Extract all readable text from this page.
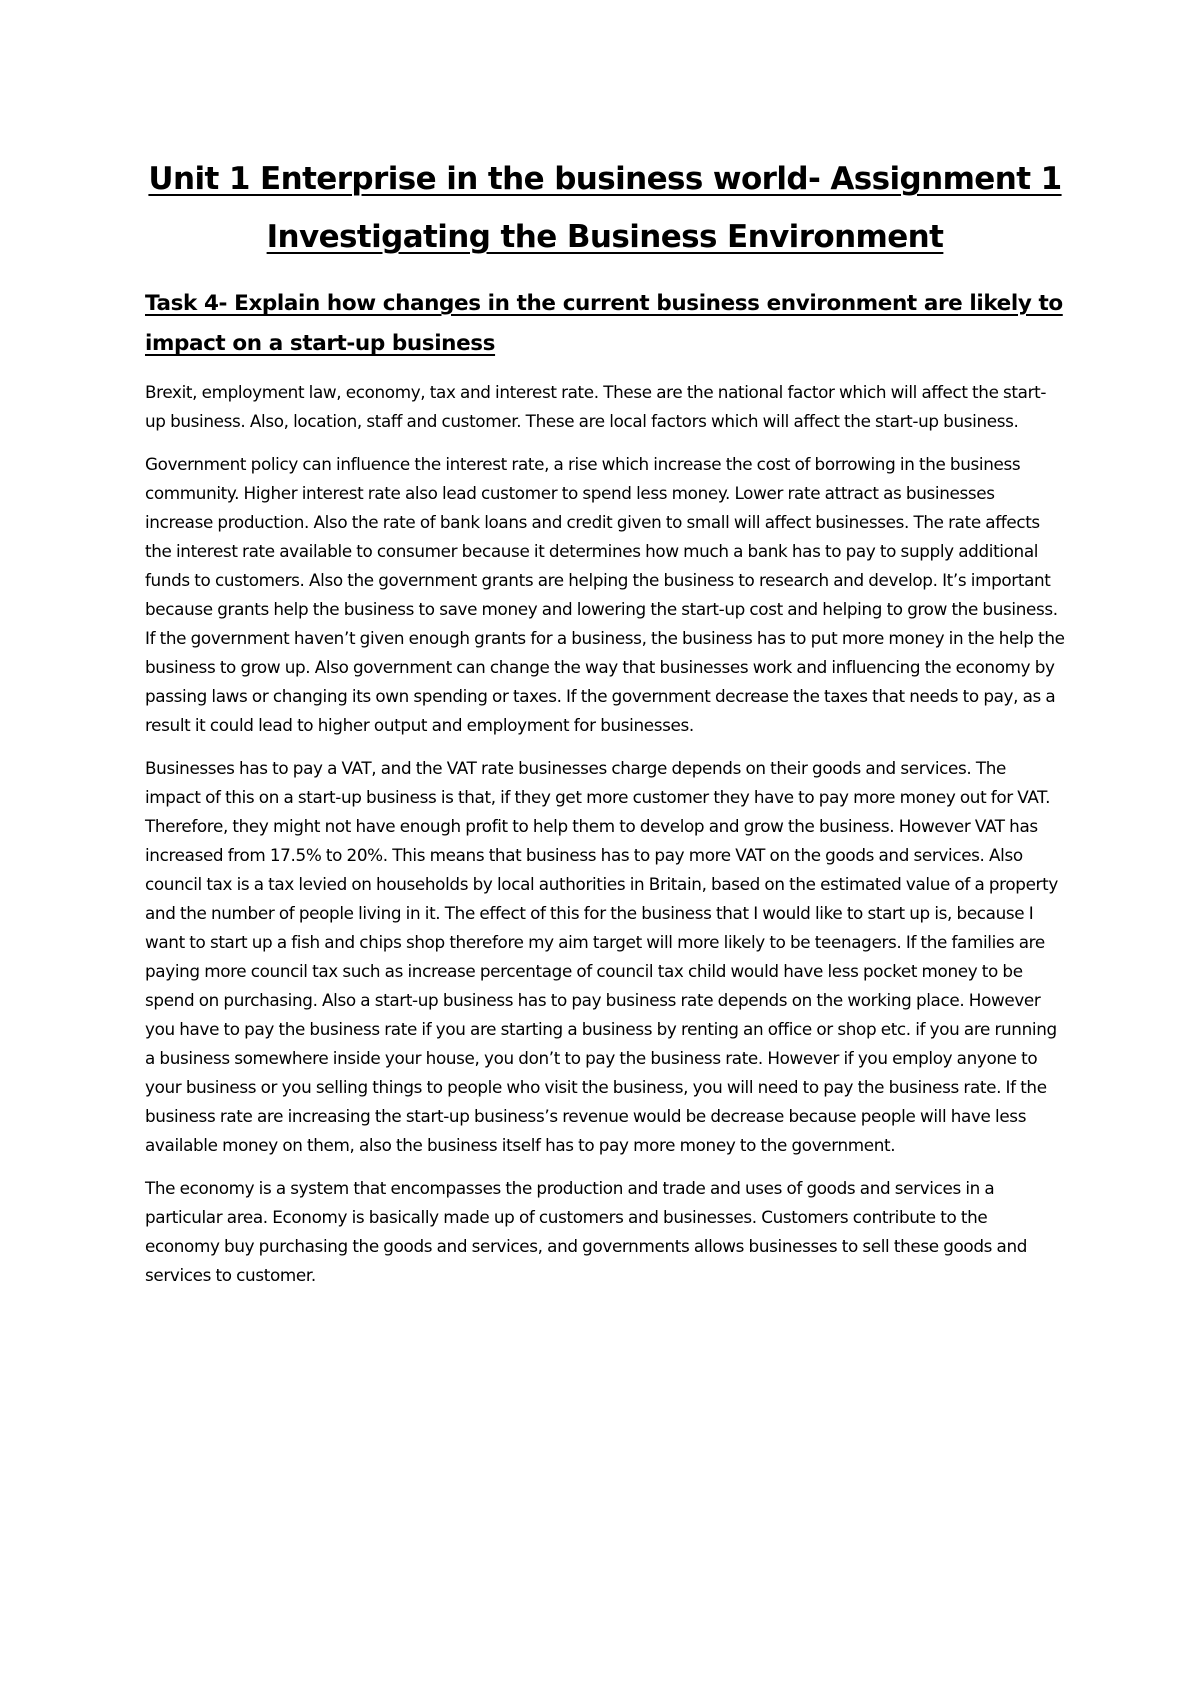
Unit 1 Enterprise in the business world- Assignment 1
Investigating the Business Environment
Task 4- Explain how changes in the current business environment are likely to impact on a start-up business

Brexit, employment law, economy, tax and interest rate. These are the national factor which will affect the start-up business. Also, location, staff and customer. These are local factors which will affect the start-up business.

Government policy can influence the interest rate, a rise which increase the cost of borrowing in the business community. Higher interest rate also lead customer to spend less money. Lower rate attract as businesses increase production. Also the rate of bank loans and credit given to small will affect businesses. The rate affects the interest rate available to consumer because it determines how much a bank has to pay to supply additional funds to customers. Also the government grants are helping the business to research and develop. It’s important because grants help the business to save money and lowering the start-up cost and helping to grow the business. If the government haven’t given enough grants for a business, the business has to put more money in the help the business to grow up. Also government can change the way that businesses work and influencing the economy by passing laws or changing its own spending or taxes. If the government decrease the taxes that needs to pay, as a result it could lead to higher output and employment for businesses.

Businesses has to pay a VAT, and the VAT rate businesses charge depends on their goods and services. The impact of this on a start-up business is that, if they get more customer they have to pay more money out for VAT. Therefore, they might not have enough profit to help them to develop and grow the business. However VAT has increased from 17.5% to 20%. This means that business has to pay more VAT on the goods and services. Also council tax is a tax levied on households by local authorities in Britain, based on the estimated value of a property and the number of people living in it. The effect of this for the business that I would like to start up is, because I want to start up a fish and chips shop therefore my aim target will more likely to be teenagers. If the families are paying more council tax such as increase percentage of council tax child would have less pocket money to be spend on purchasing. Also a start-up business has to pay business rate depends on the working place. However you have to pay the business rate if you are starting a business by renting an office or shop etc. if you are running a business somewhere inside your house, you don’t to pay the business rate. However if you employ anyone to your business or you selling things to people who visit the business, you will need to pay the business rate. If the business rate are increasing the start-up business’s revenue would be decrease because people will have less available money on them, also the business itself has to pay more money to the government.

The economy is a system that encompasses the production and trade and uses of goods and services in a particular area. Economy is basically made up of customers and businesses. Customers contribute to the economy buy purchasing the goods and services, and governments allows businesses to sell these goods and services to customer.
